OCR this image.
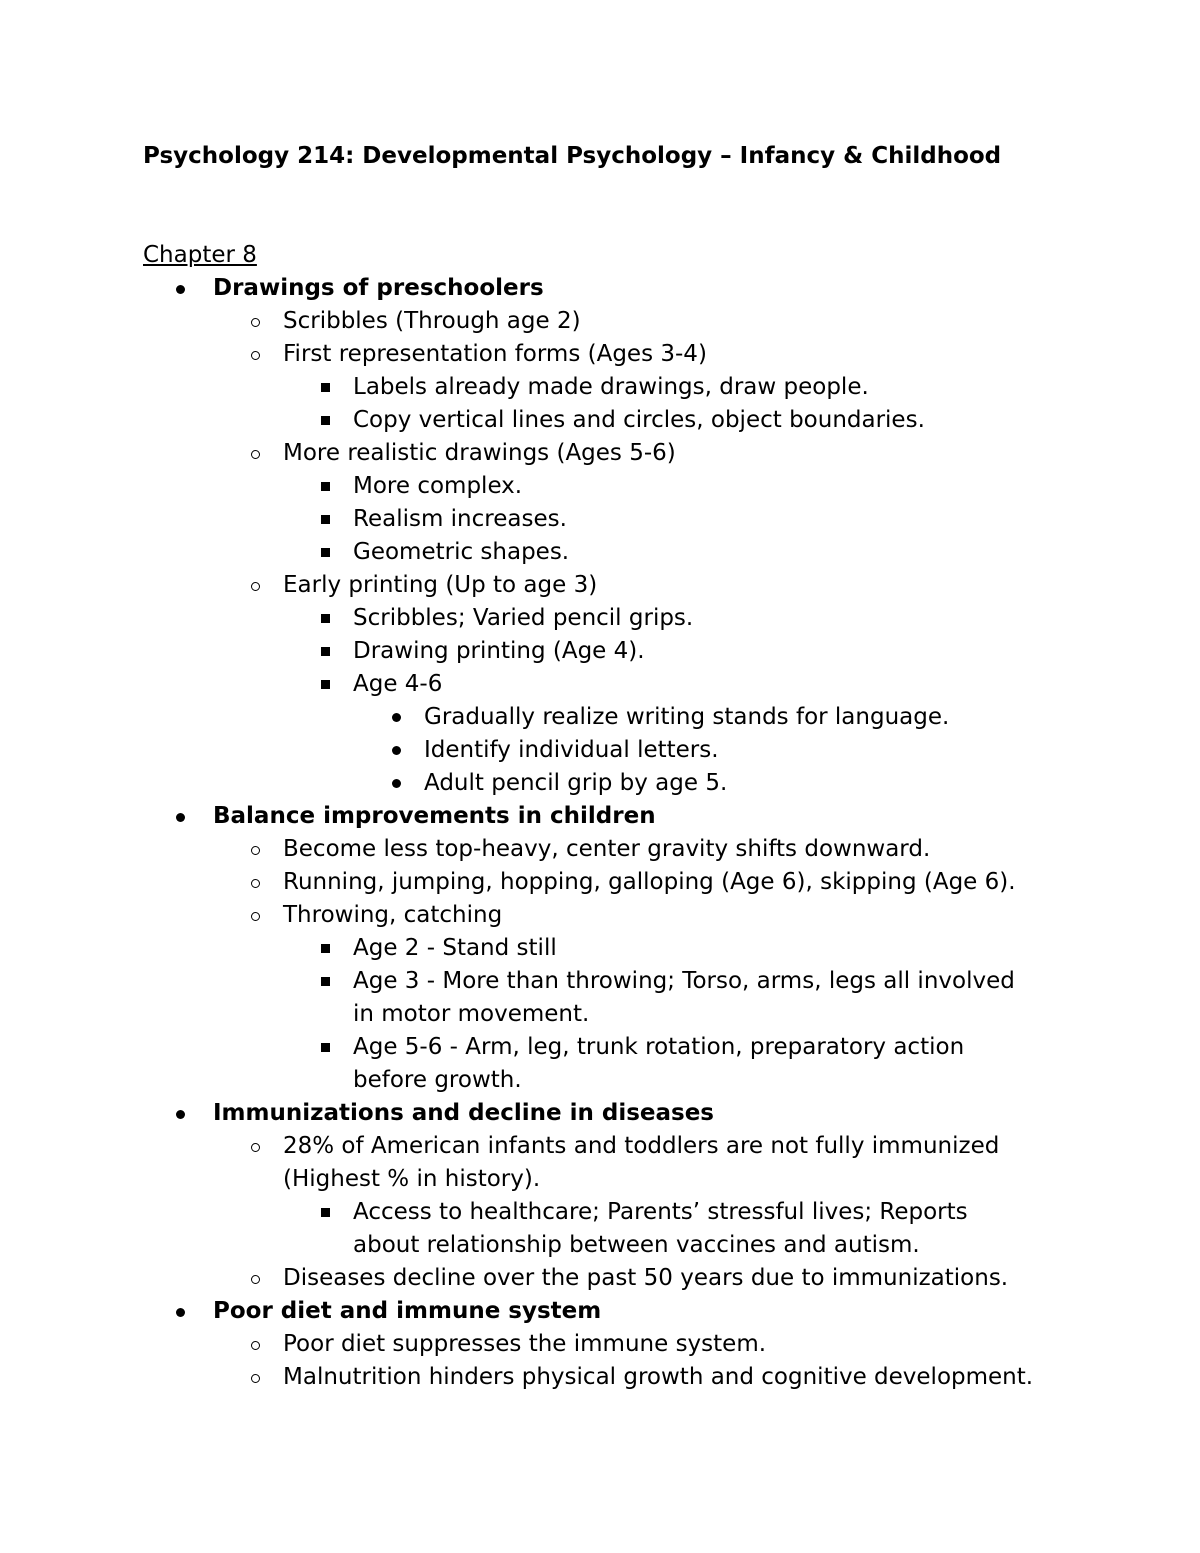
Psychology 214: Developmental Psychology – Infancy & Childhood
Chapter 8
Drawings of preschoolers
Scribbles (Through age 2)
First representation forms (Ages 3-4)
Labels already made drawings, draw people.
Copy vertical lines and circles, object boundaries.
More realistic drawings (Ages 5-6)
More complex.
Realism increases.
Geometric shapes.
Early printing (Up to age 3)
Scribbles; Varied pencil grips.
Drawing printing (Age 4).
Age 4-6
Gradually realize writing stands for language.
Identify individual letters.
Adult pencil grip by age 5.
Balance improvements in children
Become less top-heavy, center gravity shifts downward.
Running, jumping, hopping, galloping (Age 6), skipping (Age 6).
Throwing, catching
Age 2 - Stand still
Age 3 - More than throwing; Torso, arms, legs all involved
in motor movement.
Age 5-6 - Arm, leg, trunk rotation, preparatory action
before growth.
Immunizations and decline in diseases
28% of American infants and toddlers are not fully immunized
(Highest % in history).
Access to healthcare; Parents’ stressful lives; Reports
about relationship between vaccines and autism.
Diseases decline over the past 50 years due to immunizations.
Poor diet and immune system
Poor diet suppresses the immune system.
Malnutrition hinders physical growth and cognitive development.
